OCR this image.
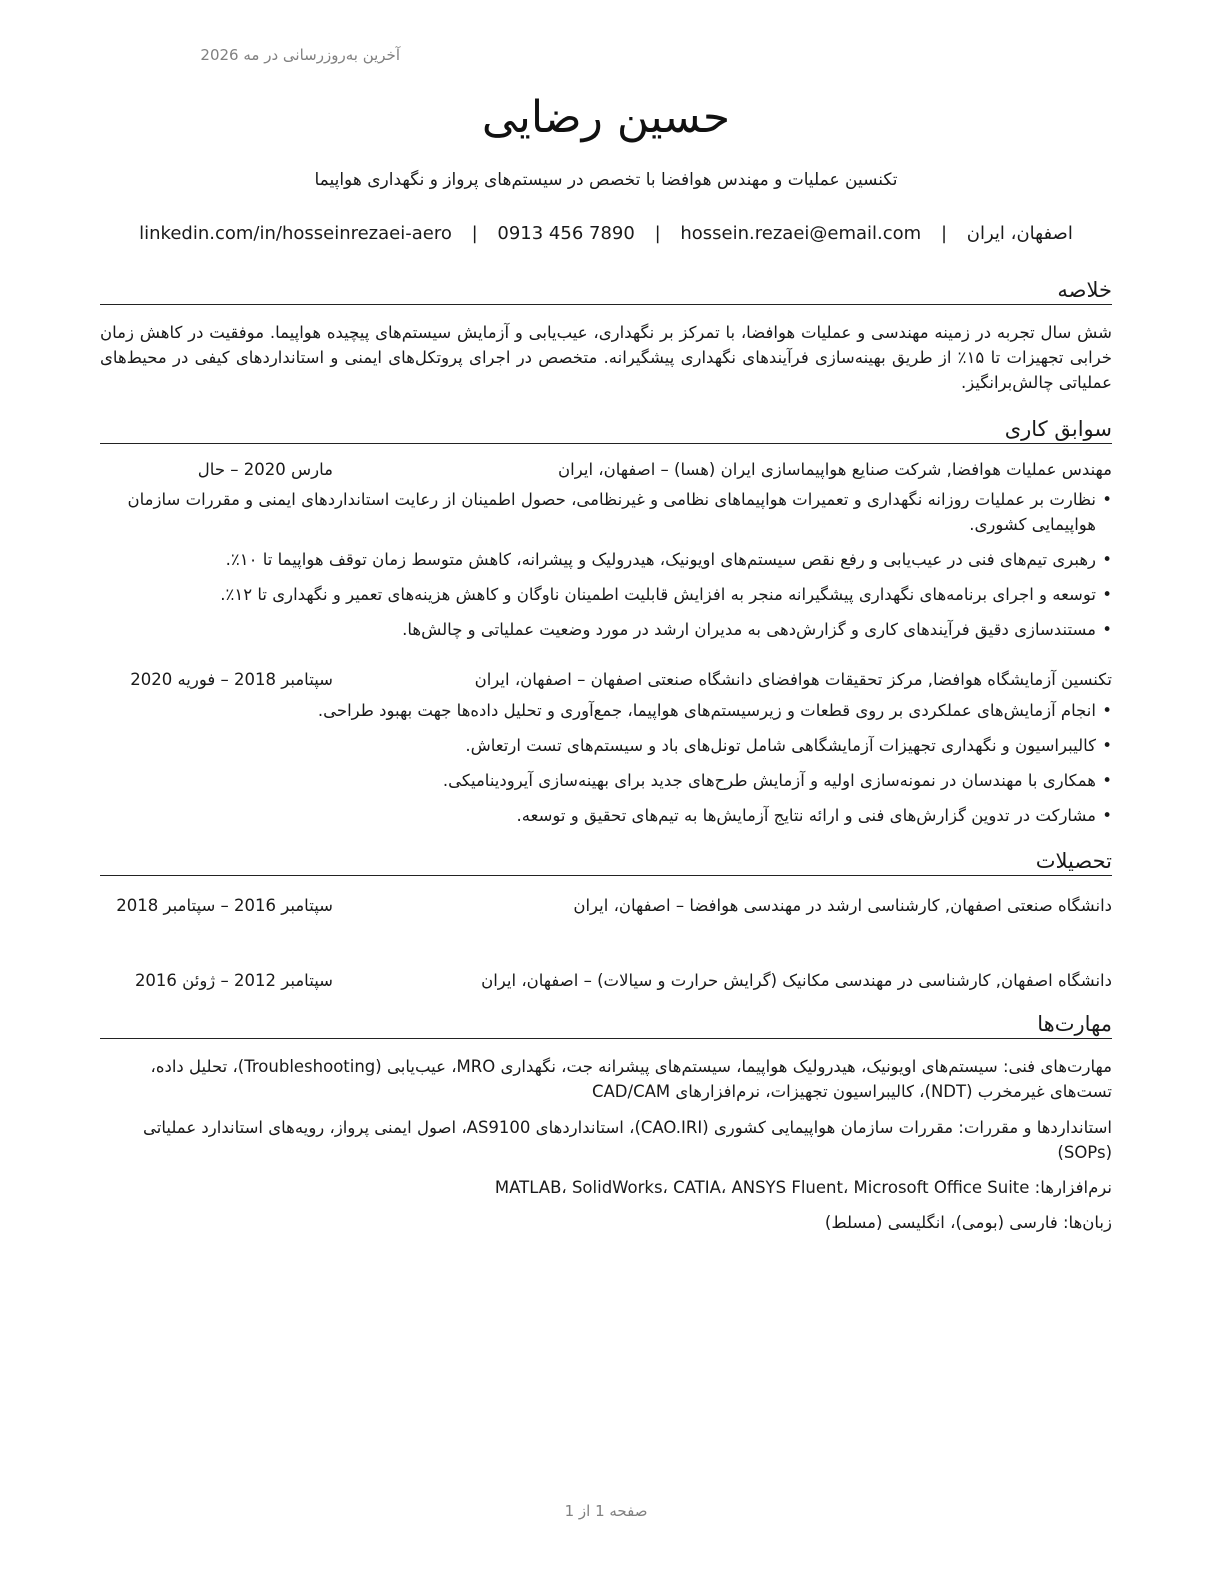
آخرین به‌روزرسانی در مه 2026
حسین رضایی
تکنسین عملیات و مهندس هوافضا با تخصص در سیستم‌های پرواز و نگهداری هواپیما
اصفهان، ایران | hossein.rezaei@email.com | 0913 456 7890 | linkedin.com/in/hosseinrezaei-aero
خلاصه
شش سال تجربه در زمینه مهندسی و عملیات هوافضا، با تمرکز بر نگهداری، عیب‌یابی و آزمایش سیستم‌های پیچیده هواپیما. موفقیت در کاهش زمان خرابی تجهیزات تا ۱۵٪ از طریق بهینه‌سازی فرآیندهای نگهداری پیشگیرانه. متخصص در اجرای پروتکل‌های ایمنی و استانداردهای کیفی در محیط‌های عملیاتی چالش‌برانگیز.
سوابق کاری
مهندس عملیات هوافضا, شرکت صنایع هواپیماسازی ایران (هسا) – اصفهان، ایران
مارس 2020 – حال
• نظارت بر عملیات روزانه نگهداری و تعمیرات هواپیماهای نظامی و غیرنظامی، حصول اطمینان از رعایت استانداردهای ایمنی و مقررات سازمان هواپیمایی کشوری.
• رهبری تیم‌های فنی در عیب‌یابی و رفع نقص سیستم‌های اویونیک، هیدرولیک و پیشرانه، کاهش متوسط زمان توقف هواپیما تا ۱۰٪.
• توسعه و اجرای برنامه‌های نگهداری پیشگیرانه منجر به افزایش قابلیت اطمینان ناوگان و کاهش هزینه‌های تعمیر و نگهداری تا ۱۲٪.
• مستندسازی دقیق فرآیندهای کاری و گزارش‌دهی به مدیران ارشد در مورد وضعیت عملیاتی و چالش‌ها.
تکنسین آزمایشگاه هوافضا, مرکز تحقیقات هوافضای دانشگاه صنعتی اصفهان – اصفهان، ایران
سپتامبر 2018 – فوریه 2020
• انجام آزمایش‌های عملکردی بر روی قطعات و زیرسیستم‌های هواپیما، جمع‌آوری و تحلیل داده‌ها جهت بهبود طراحی.
• کالیبراسیون و نگهداری تجهیزات آزمایشگاهی شامل تونل‌های باد و سیستم‌های تست ارتعاش.
• همکاری با مهندسان در نمونه‌سازی اولیه و آزمایش طرح‌های جدید برای بهینه‌سازی آیرودینامیکی.
• مشارکت در تدوین گزارش‌های فنی و ارائه نتایج آزمایش‌ها به تیم‌های تحقیق و توسعه.
تحصیلات
دانشگاه صنعتی اصفهان, کارشناسی ارشد در مهندسی هوافضا – اصفهان، ایران
سپتامبر 2016 – سپتامبر 2018
دانشگاه اصفهان, کارشناسی در مهندسی مکانیک (گرایش حرارت و سیالات) – اصفهان، ایران
سپتامبر 2012 – ژوئن 2016
مهارت‌ها
مهارت‌های فنی: سیستم‌های اویونیک، هیدرولیک هواپیما، سیستم‌های پیشرانه جت، نگهداری MRO، عیب‌یابی (Troubleshooting)، تحلیل داده، تست‌های غیرمخرب (NDT)، کالیبراسیون تجهیزات، نرم‌افزارهای CAD/CAM
استانداردها و مقررات: مقررات سازمان هواپیمایی کشوری (CAO.IRI)، استانداردهای AS9100، اصول ایمنی پرواز، رویه‌های استاندارد عملیاتی (SOPs)
نرم‌افزارها: MATLAB، SolidWorks، CATIA، ANSYS Fluent، Microsoft Office Suite
زبان‌ها: فارسی (بومی)، انگلیسی (مسلط)
صفحه 1 از 1
